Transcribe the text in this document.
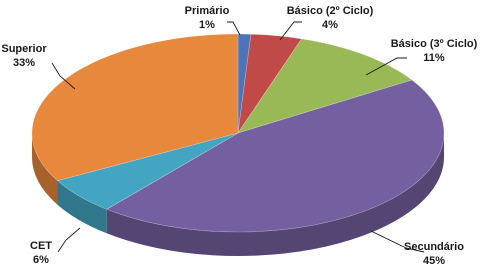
Primário
1%
Básico (2º Ciclo)
4%
Básico (3º Ciclo)
11%
Secundário
45%
CET
6%
Superior
33%
